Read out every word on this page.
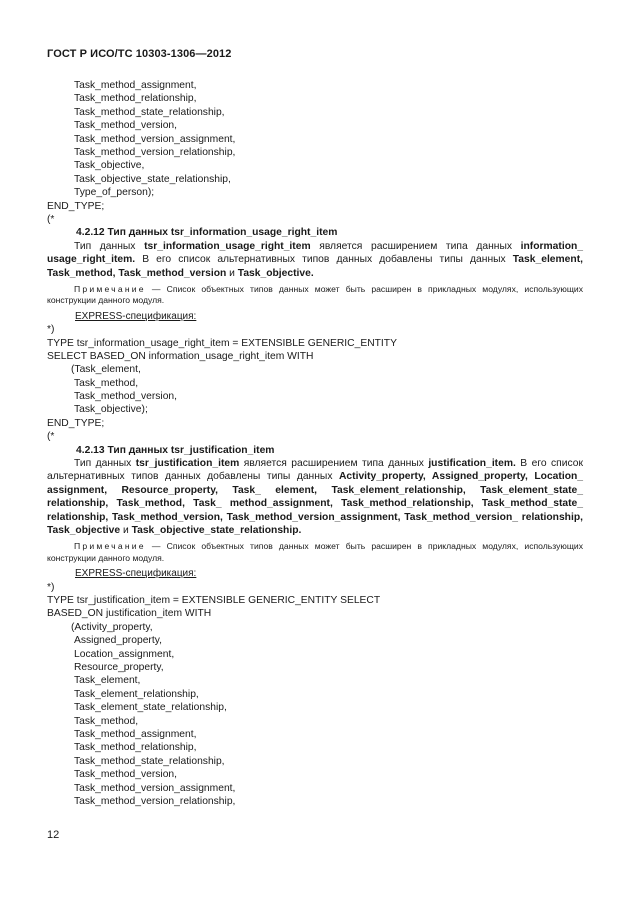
ГОСТ Р ИСО/ТС 10303-1306—2012
Task_method_assignment,
Task_method_relationship,
Task_method_state_relationship,
Task_method_version,
Task_method_version_assignment,
Task_method_version_relationship,
Task_objective,
Task_objective_state_relationship,
Type_of_person);
END_TYPE;
(*
4.2.12 Тип данных tsr_information_usage_right_item
Тип данных tsr_information_usage_right_item является расширением типа данных information_ usage_right_item. В его список альтернативных типов данных добавлены типы данных Task_element, Task_method, Task_method_version и Task_objective.
Примечание — Список объектных типов данных может быть расширен в прикладных модулях, использующих конструкции данного модуля.
EXPRESS-спецификация:
*)
TYPE tsr_information_usage_right_item = EXTENSIBLE GENERIC_ENTITY
SELECT BASED_ON information_usage_right_item WITH
(Task_element,
Task_method,
Task_method_version,
Task_objective);
END_TYPE;
(*
4.2.13 Тип данных tsr_justification_item
Тип данных tsr_justification_item является расширением типа данных justification_item. В его список альтернативных типов данных добавлены типы данных Activity_property, Assigned_property, Location_ assignment, Resource_property, Task_ element, Task_element_relationship, Task_element_state_ relationship, Task_method, Task_ method_assignment, Task_method_relationship, Task_method_state_ relationship, Task_method_version, Task_method_version_assignment, Task_method_version_ relationship, Task_objective и Task_objective_state_relationship.
Примечание — Список объектных типов данных может быть расширен в прикладных модулях, использующих конструкции данного модуля.
EXPRESS-спецификация:
*)
TYPE tsr_justification_item = EXTENSIBLE GENERIC_ENTITY SELECT
BASED_ON justification_item WITH
(Activity_property,
Assigned_property,
Location_assignment,
Resource_property,
Task_element,
Task_element_relationship,
Task_element_state_relationship,
Task_method,
Task_method_assignment,
Task_method_relationship,
Task_method_state_relationship,
Task_method_version,
Task_method_version_assignment,
Task_method_version_relationship,
12
